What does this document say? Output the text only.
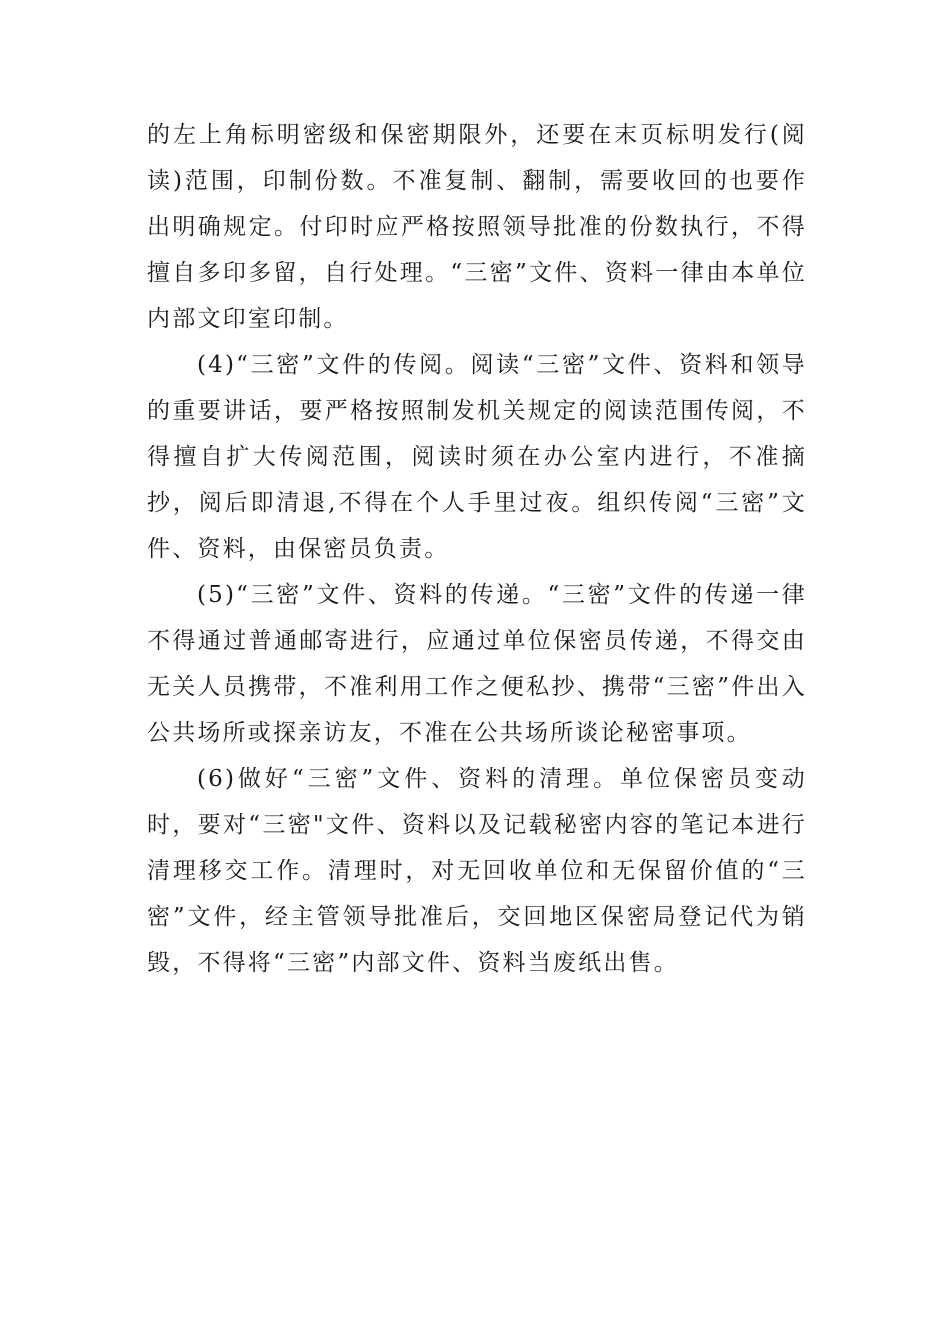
的左上角标明密级和保密期限外，还要在末页标明发行(阅读)范围，印制份数。不准复制、翻制，需要收回的也要作出明确规定。付印时应严格按照领导批准的份数执行，不得擅自多印多留，自行处理。“三密”文件、资料一律由本单位内部文印室印制。

(4)“三密”文件的传阅。阅读“三密”文件、资料和领导的重要讲话，要严格按照制发机关规定的阅读范围传阅，不得擅自扩大传阅范围，阅读时须在办公室内进行，不准摘抄，阅后即清退,不得在个人手里过夜。组织传阅“三密”文件、资料，由保密员负责。

(5)“三密”文件、资料的传递。“三密”文件的传递一律不得通过普通邮寄进行，应通过单位保密员传递，不得交由无关人员携带，不准利用工作之便私抄、携带“三密”件出入公共场所或探亲访友，不准在公共场所谈论秘密事项。

(6)做好“三密”文件、资料的清理。单位保密员变动时，要对“三密"文件、资料以及记载秘密内容的笔记本进行清理移交工作。清理时，对无回收单位和无保留价值的“三密”文件，经主管领导批准后，交回地区保密局登记代为销毁，不得将“三密”内部文件、资料当废纸出售。
